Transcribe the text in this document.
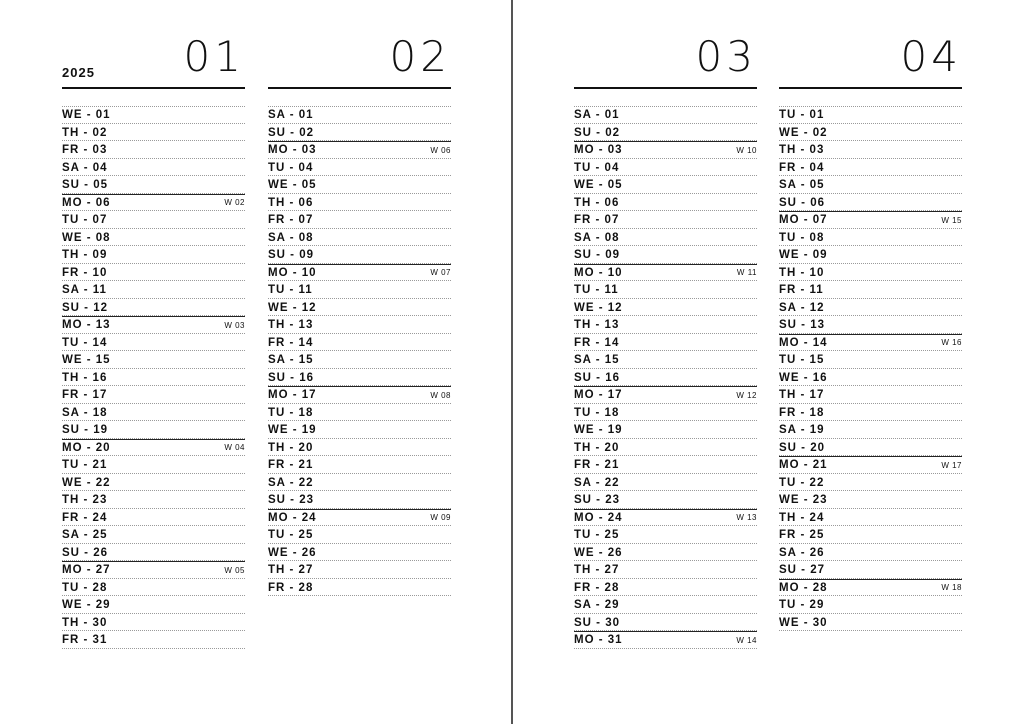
2025 01
WE - 01
TH - 02
FR - 03
SA - 04
SU - 05
MO - 06	W 02
TU - 07
WE - 08
TH - 09
FR - 10
SA - 11
SU - 12
MO - 13	W 03
TU - 14
WE - 15
TH - 16
FR - 17
SA - 18
SU - 19
MO - 20	W 04
TU - 21
WE - 22
TH - 23
FR - 24
SA - 25
SU - 26
MO - 27	W 05
TU - 28
WE - 29
TH - 30
FR - 31
02
SA - 01
SU - 02
MO - 03	W 06
TU - 04
WE - 05
TH - 06
FR - 07
SA - 08
SU - 09
MO - 10	W 07
TU - 11
WE - 12
TH - 13
FR - 14
SA - 15
SU - 16
MO - 17	W 08
TU - 18
WE - 19
TH - 20
FR - 21
SA - 22
SU - 23
MO - 24	W 09
TU - 25
WE - 26
TH - 27
FR - 28
03
SA - 01
SU - 02
MO - 03	W 10
TU - 04
WE - 05
TH - 06
FR - 07
SA - 08
SU - 09
MO - 10	W 11
TU - 11
WE - 12
TH - 13
FR - 14
SA - 15
SU - 16
MO - 17	W 12
TU - 18
WE - 19
TH - 20
FR - 21
SA - 22
SU - 23
MO - 24	W 13
TU - 25
WE - 26
TH - 27
FR - 28
SA - 29
SU - 30
MO - 31	W 14
04
TU - 01
WE - 02
TH - 03
FR - 04
SA - 05
SU - 06
MO - 07	W 15
TU - 08
WE - 09
TH - 10
FR - 11
SA - 12
SU - 13
MO - 14	W 16
TU - 15
WE - 16
TH - 17
FR - 18
SA - 19
SU - 20
MO - 21	W 17
TU - 22
WE - 23
TH - 24
FR - 25
SA - 26
SU - 27
MO - 28	W 18
TU - 29
WE - 30
